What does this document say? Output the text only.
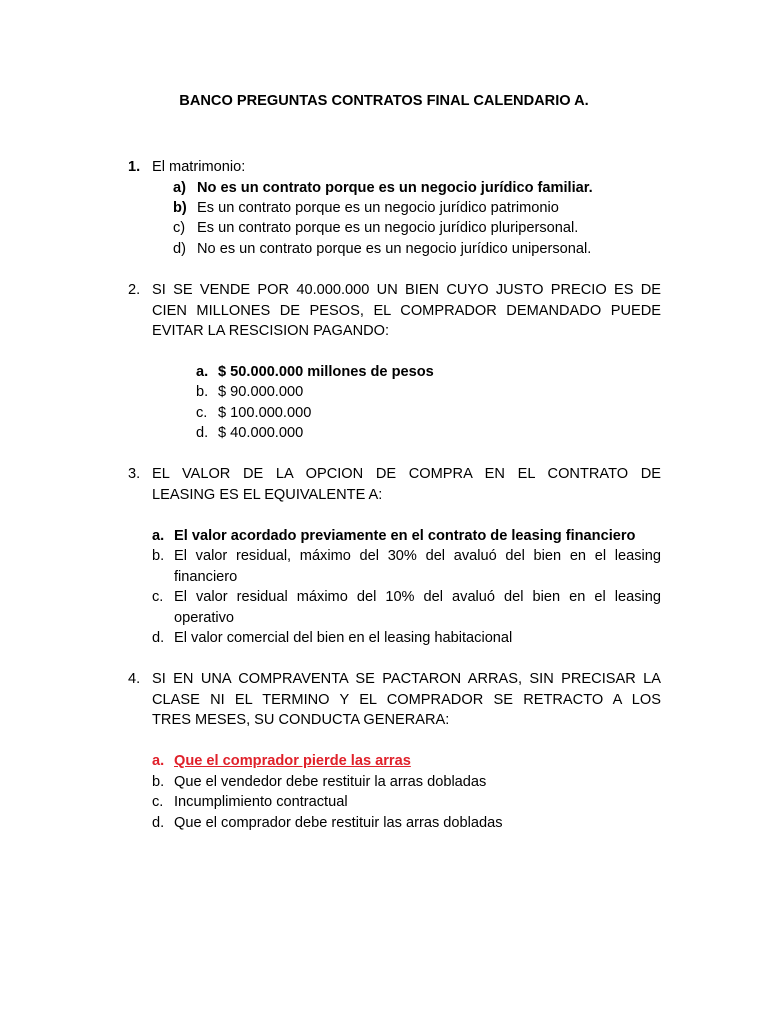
BANCO PREGUNTAS CONTRATOS FINAL CALENDARIO A.
1. El matrimonio:
a) No es un contrato porque es un negocio jurídico familiar.
b) Es un contrato porque es un negocio jurídico patrimonio
c) Es un contrato porque es un negocio jurídico pluripersonal.
d) No es un contrato porque es un negocio jurídico unipersonal.
2. SI SE VENDE POR 40.000.000 UN BIEN CUYO JUSTO PRECIO ES DE
CIEN MILLONES DE PESOS, EL COMPRADOR DEMANDADO PUEDE
EVITAR LA RESCISION PAGANDO:
a. $ 50.000.000 millones de pesos
b. $ 90.000.000
c. $ 100.000.000
d. $ 40.000.000
3. EL VALOR DE LA OPCION DE COMPRA EN EL CONTRATO DE
LEASING ES EL EQUIVALENTE A:
a. El valor acordado previamente en el contrato de leasing financiero
b. El valor residual, máximo del 30% del avaluó del bien en el leasing
financiero
c. El valor residual máximo del 10% del avaluó del bien en el leasing
operativo
d. El valor comercial del bien en el leasing habitacional
4. SI EN UNA COMPRAVENTA SE PACTARON ARRAS, SIN PRECISAR LA
CLASE NI EL TERMINO Y EL COMPRADOR SE RETRACTO A LOS
TRES MESES, SU CONDUCTA GENERARA:
a. Que el comprador pierde las arras
b. Que el vendedor debe restituir la arras dobladas
c. Incumplimiento contractual
d. Que el comprador debe restituir las arras dobladas
